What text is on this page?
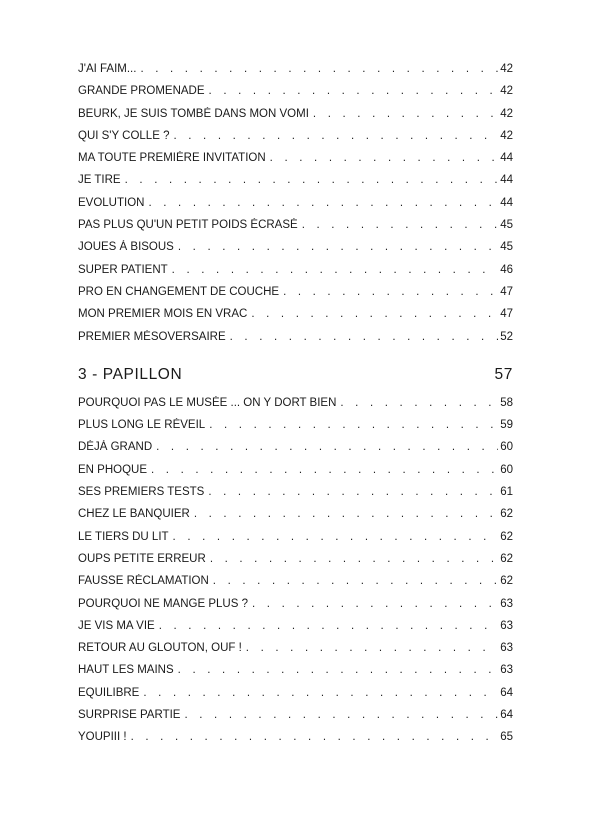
J'AI FAIM... . . .	42
GRANDE PROMENADE . . .	42
BEURK, JE SUIS TOMBÉ DANS MON VOMI . . .	42
QUI S'Y COLLE ? . . .	42
MA TOUTE PREMIÈRE INVITATION . . .	44
JE TIRE . . .	44
EVOLUTION . . .	44
PAS PLUS QU'UN PETIT POIDS ÉCRASÉ . . .	45
JOUES À BISOUS . . .	45
SUPER PATIENT . . .	46
PRO EN CHANGEMENT DE COUCHE . . .	47
MON PREMIER MOIS EN VRAC . . .	47
PREMIER MÉSOVERSAIRE . . .	52
3 - PAPILLON	57
POURQUOI PAS LE MUSÉE ... ON Y DORT BIEN . . .	58
PLUS LONG LE RÉVEIL . . .	59
DÉJÀ GRAND . . .	60
EN PHOQUE . . .	60
SES PREMIERS TESTS . . .	61
CHEZ LE BANQUIER . . .	62
LE TIERS DU LIT . . .	62
OUPS PETITE ERREUR . . .	62
FAUSSE RÉCLAMATION . . .	62
POURQUOI NE MANGE PLUS ? . . .	63
JE VIS MA VIE . . .	63
RETOUR AU GLOUTON, OUF ! . . .	63
HAUT LES MAINS . . .	63
EQUILIBRE . . .	64
SURPRISE PARTIE . . .	64
YOUPIII ! . . .	65
